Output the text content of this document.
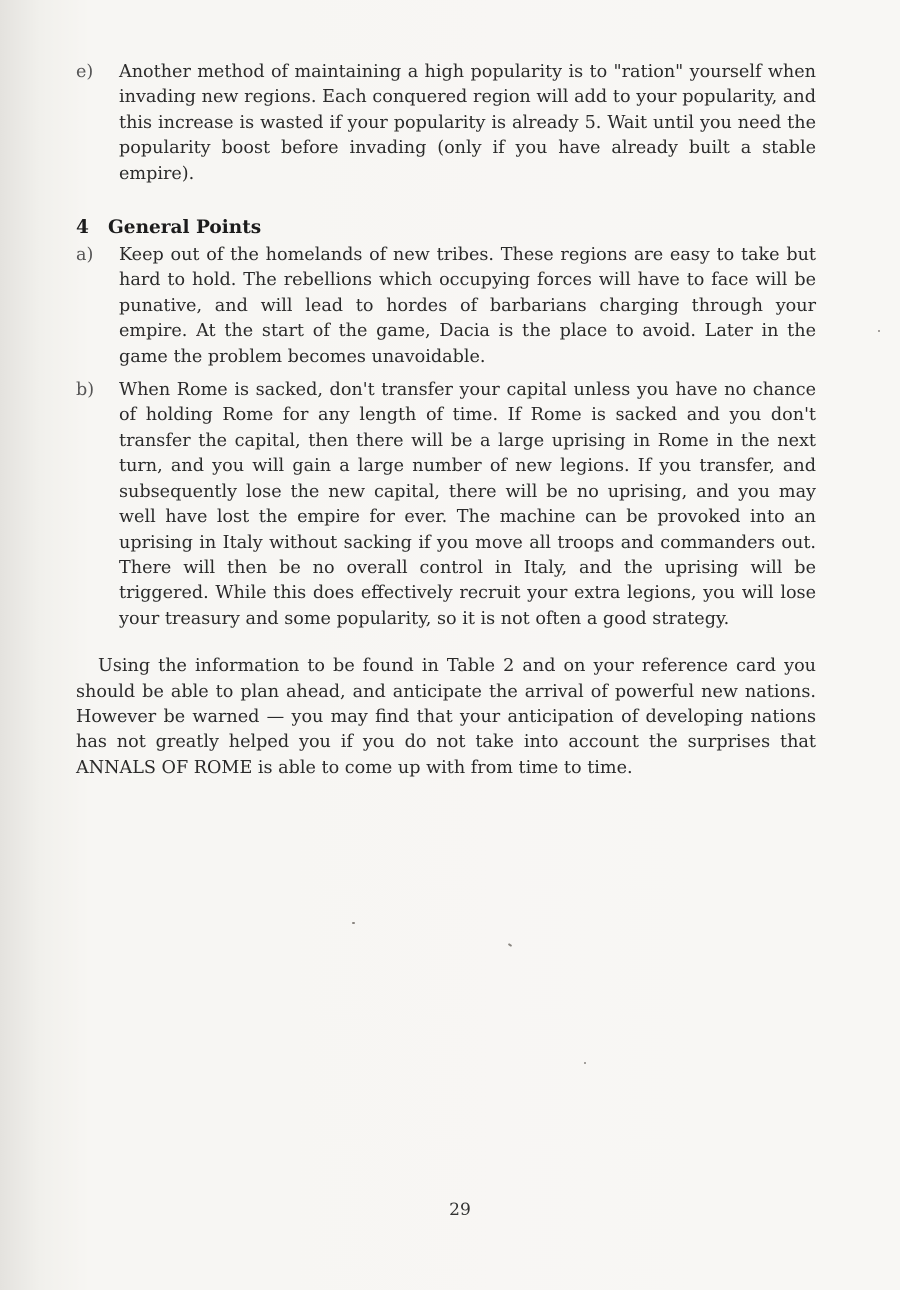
e)	Another method of maintaining a high popularity is to "ration" yourself when invading new regions. Each conquered region will add to your popularity, and this increase is wasted if your popularity is already 5. Wait until you need the popularity boost before invading (only if you have already built a stable empire).
4	General Points
a)	Keep out of the homelands of new tribes. These regions are easy to take but hard to hold. The rebellions which occupying forces will have to face will be punative, and will lead to hordes of barbarians charging through your empire. At the start of the game, Dacia is the place to avoid. Later in the game the problem becomes unavoidable.
b)	When Rome is sacked, don't transfer your capital unless you have no chance of holding Rome for any length of time. If Rome is sacked and you don't transfer the capital, then there will be a large uprising in Rome in the next turn, and you will gain a large number of new legions. If you transfer, and subsequently lose the new capital, there will be no uprising, and you may well have lost the empire for ever. The machine can be provoked into an uprising in Italy without sacking if you move all troops and commanders out. There will then be no overall control in Italy, and the uprising will be triggered. While this does effectively recruit your extra legions, you will lose your treasury and some popularity, so it is not often a good strategy.

Using the information to be found in Table 2 and on your reference card you should be able to plan ahead, and anticipate the arrival of powerful new nations. However be warned — you may find that your anticipation of developing nations has not greatly helped you if you do not take into account the surprises that ANNALS OF ROME is able to come up with from time to time.

29
